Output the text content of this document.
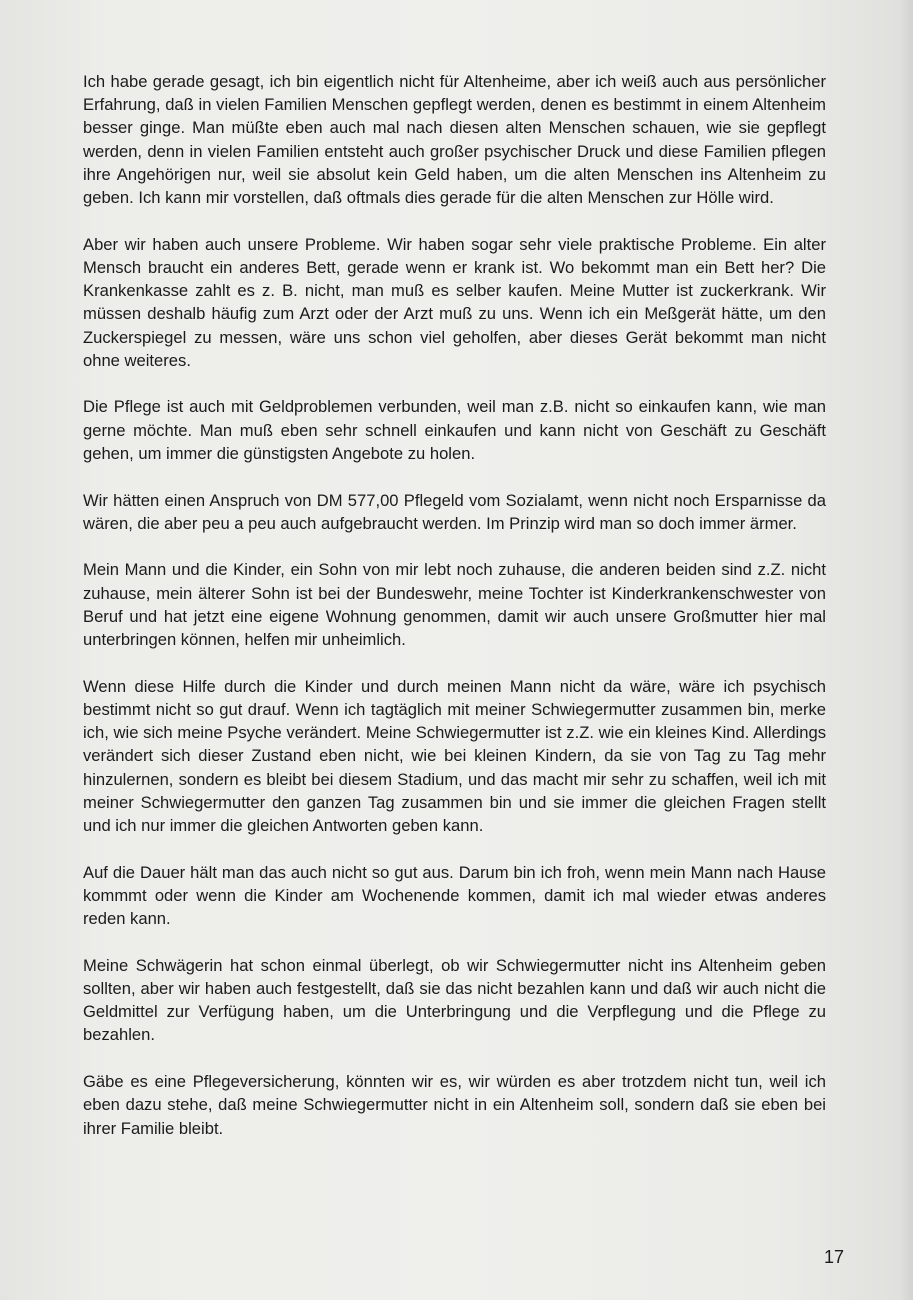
Ich habe gerade gesagt, ich bin eigentlich nicht für Altenheime, aber ich weiß auch aus persönlicher Erfahrung, daß in vielen Familien Menschen gepflegt werden, denen es bestimmt in einem Altenheim besser ginge. Man müßte eben auch mal nach diesen alten Menschen schauen, wie sie gepflegt werden, denn in vielen Familien entsteht auch großer psychischer Druck und diese Familien pflegen ihre Angehörigen nur, weil sie absolut kein Geld haben, um die alten Menschen ins Altenheim zu geben. Ich kann mir vorstellen, daß oftmals dies gerade für die alten Menschen zur Hölle wird.

Aber wir haben auch unsere Probleme. Wir haben sogar sehr viele praktische Probleme. Ein alter Mensch braucht ein anderes Bett, gerade wenn er krank ist. Wo bekommt man ein Bett her? Die Krankenkasse zahlt es z. B. nicht, man muß es selber kaufen. Meine Mutter ist zuckerkrank. Wir müssen deshalb häufig zum Arzt oder der Arzt muß zu uns. Wenn ich ein Meßgerät hätte, um den Zuckerspiegel zu messen, wäre uns schon viel geholfen, aber dieses Gerät bekommt man nicht ohne weiteres.

Die Pflege ist auch mit Geldproblemen verbunden, weil man z.B. nicht so einkaufen kann, wie man gerne möchte. Man muß eben sehr schnell einkaufen und kann nicht von Geschäft zu Geschäft gehen, um immer die günstigsten Angebote zu holen.

Wir hätten einen Anspruch von DM 577,00 Pflegeld vom Sozialamt, wenn nicht noch Ersparnisse da wären, die aber peu a peu auch aufgebraucht werden. Im Prinzip wird man so doch immer ärmer.

Mein Mann und die Kinder, ein Sohn von mir lebt noch zuhause, die anderen beiden sind z.Z. nicht zuhause, mein älterer Sohn ist bei der Bundeswehr, meine Tochter ist Kinderkrankenschwester von Beruf und hat jetzt eine eigene Wohnung genommen, damit wir auch unsere Großmutter hier mal unterbringen können, helfen mir unheimlich.

Wenn diese Hilfe durch die Kinder und durch meinen Mann nicht da wäre, wäre ich psychisch bestimmt nicht so gut drauf. Wenn ich tagtäglich mit meiner Schwiegermutter zusammen bin, merke ich, wie sich meine Psyche verändert. Meine Schwiegermutter ist z.Z. wie ein kleines Kind. Allerdings verändert sich dieser Zustand eben nicht, wie bei kleinen Kindern, da sie von Tag zu Tag mehr hinzulernen, sondern es bleibt bei diesem Stadium, und das macht mir sehr zu schaffen, weil ich mit meiner Schwiegermutter den ganzen Tag zusammen bin und sie immer die gleichen Fragen stellt und ich nur immer die gleichen Antworten geben kann.

Auf die Dauer hält man das auch nicht so gut aus. Darum bin ich froh, wenn mein Mann nach Hause kommmt oder wenn die Kinder am Wochenende kommen, damit ich mal wieder etwas anderes reden kann.

Meine Schwägerin hat schon einmal überlegt, ob wir Schwiegermutter nicht ins Altenheim geben sollten, aber wir haben auch festgestellt, daß sie das nicht bezahlen kann und daß wir auch nicht die Geldmittel zur Verfügung haben, um die Unterbringung und die Verpflegung und die Pflege zu bezahlen.

Gäbe es eine Pflegeversicherung, könnten wir es, wir würden es aber trotzdem nicht tun, weil ich eben dazu stehe, daß meine Schwiegermutter nicht in ein Altenheim soll, sondern daß sie eben bei ihrer Familie bleibt.

17
